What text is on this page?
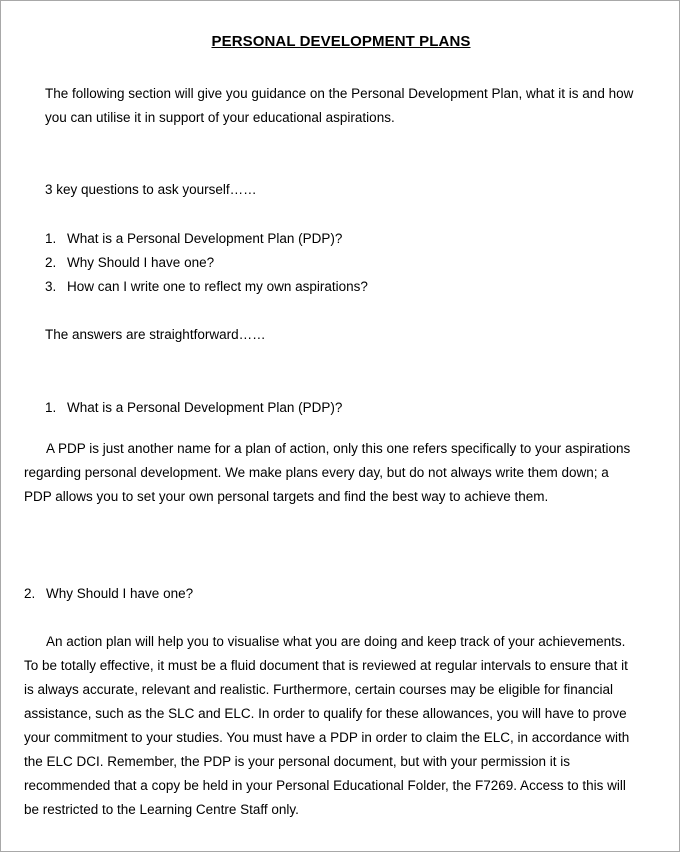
PERSONAL DEVELOPMENT PLANS

The following section will give you guidance on the Personal Development Plan, what it is and how you can utilise it in support of your educational aspirations.

3 key questions to ask yourself……
1. What is a Personal Development Plan (PDP)?
2. Why Should I have one?
3. How can I write one to reflect my own aspirations?
The answers are straightforward……
1. What is a Personal Development Plan (PDP)?

A PDP is just another name for a plan of action, only this one refers specifically to your aspirations regarding personal development. We make plans every day, but do not always write them down; a PDP allows you to set your own personal targets and find the best way to achieve them.

2. Why Should I have one?

An action plan will help you to visualise what you are doing and keep track of your achievements. To be totally effective, it must be a fluid document that is reviewed at regular intervals to ensure that it is always accurate, relevant and realistic. Furthermore, certain courses may be eligible for financial assistance, such as the SLC and ELC. In order to qualify for these allowances, you will have to prove your commitment to your studies. You must have a PDP in order to claim the ELC, in accordance with the ELC DCI. Remember, the PDP is your personal document, but with your permission it is recommended that a copy be held in your Personal Educational Folder, the F7269. Access to this will be restricted to the Learning Centre Staff only.
